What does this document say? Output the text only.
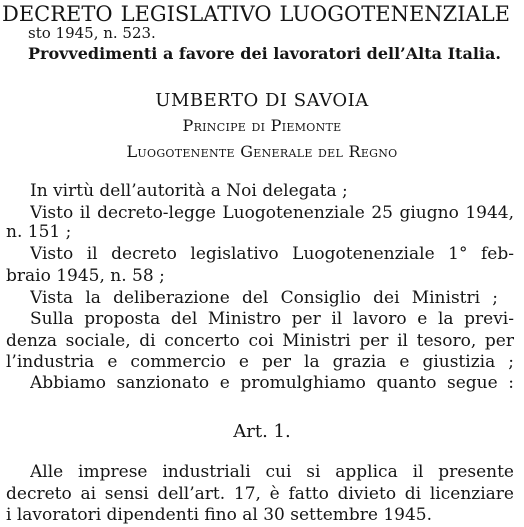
DECRETO LEGISLATIVO LUOGOTENENZIALE
sto 1945, n. 523.
Provvedimenti a favore dei lavoratori dell’Alta Italia.
UMBERTO DI SAVOIA
Principe di Piemonte
Luogotenente Generale del Regno
In virtù dell’autorità a Noi delegata ;
Visto il decreto-legge Luogotenenziale 25 giugno 1944,
n. 151 ;
Visto il decreto legislativo Luogotenenziale 1° feb-
braio 1945, n. 58 ;
Vista la deliberazione del Consiglio dei Ministri ;
Sulla proposta del Ministro per il lavoro e la previ-
denza sociale, di concerto coi Ministri per il tesoro, per
l’industria e commercio e per la grazia e giustizia ;
Abbiamo sanzionato e promulghiamo quanto segue :
Art. 1.
Alle imprese industriali cui si applica il presente
decreto ai sensi dell’art. 17, è fatto divieto di licenziare
i lavoratori dipendenti fino al 30 settembre 1945.
